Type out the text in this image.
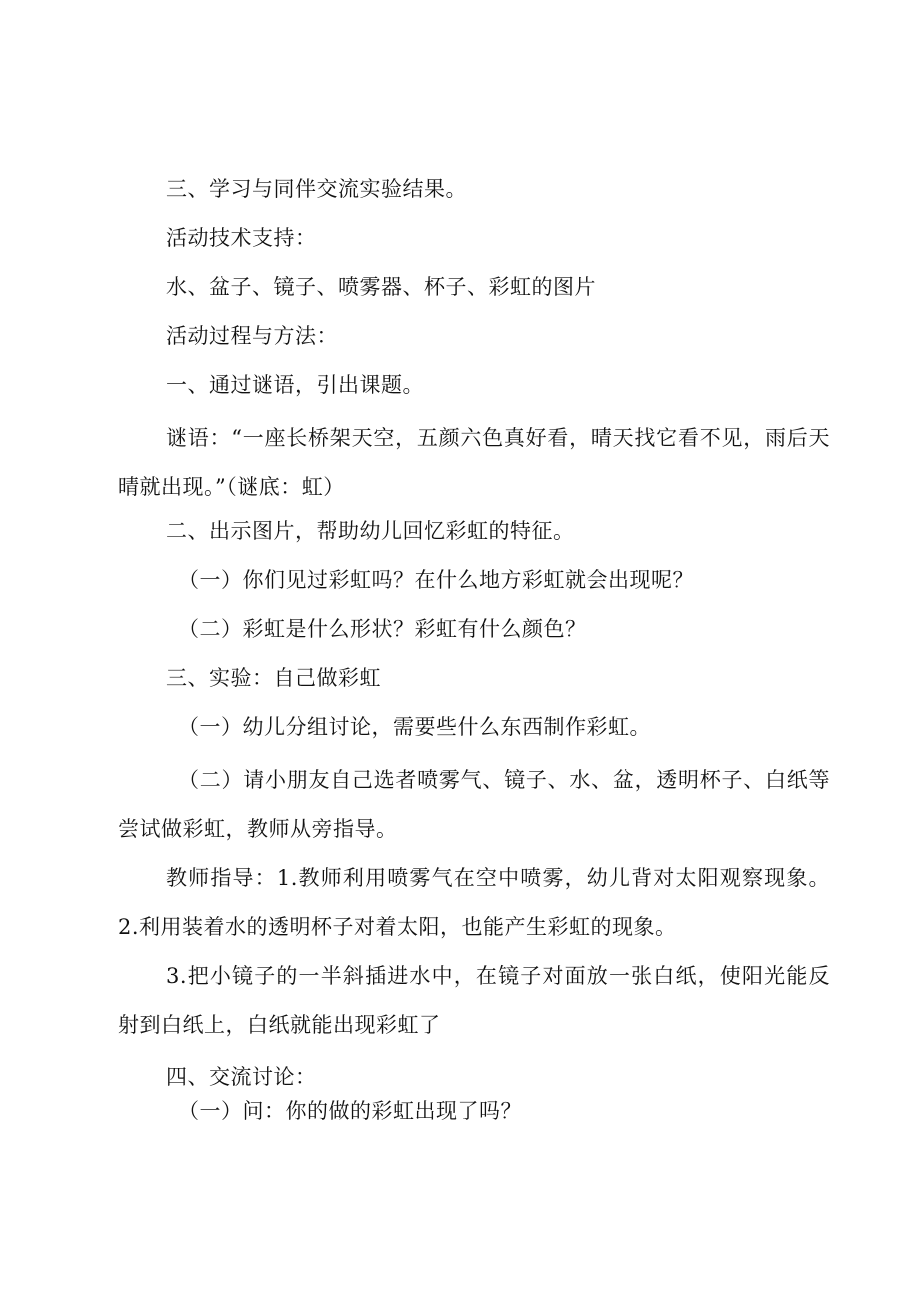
三、学习与同伴交流实验结果。
活动技术支持：
水、盆子、镜子、喷雾器、杯子、彩虹的图片
活动过程与方法：
一、通过谜语，引出课题。
谜语：“一座长桥架天空，五颜六色真好看，晴天找它看不见，雨后天晴就出现。”（谜底：虹）
二、出示图片，帮助幼儿回忆彩虹的特征。
（一）你们见过彩虹吗？在什么地方彩虹就会出现呢？
（二）彩虹是什么形状？彩虹有什么颜色？
三、实验：自己做彩虹
（一）幼儿分组讨论，需要些什么东西制作彩虹。
（二）请小朋友自己选者喷雾气、镜子、水、盆，透明杯子、白纸等尝试做彩虹，教师从旁指导。
教师指导：1.教师利用喷雾气在空中喷雾，幼儿背对太阳观察现象。2.利用装着水的透明杯子对着太阳，也能产生彩虹的现象。
3.把小镜子的一半斜插进水中，在镜子对面放一张白纸，使阳光能反射到白纸上，白纸就能出现彩虹了
四、交流讨论：
（一）问：你的做的彩虹出现了吗？
